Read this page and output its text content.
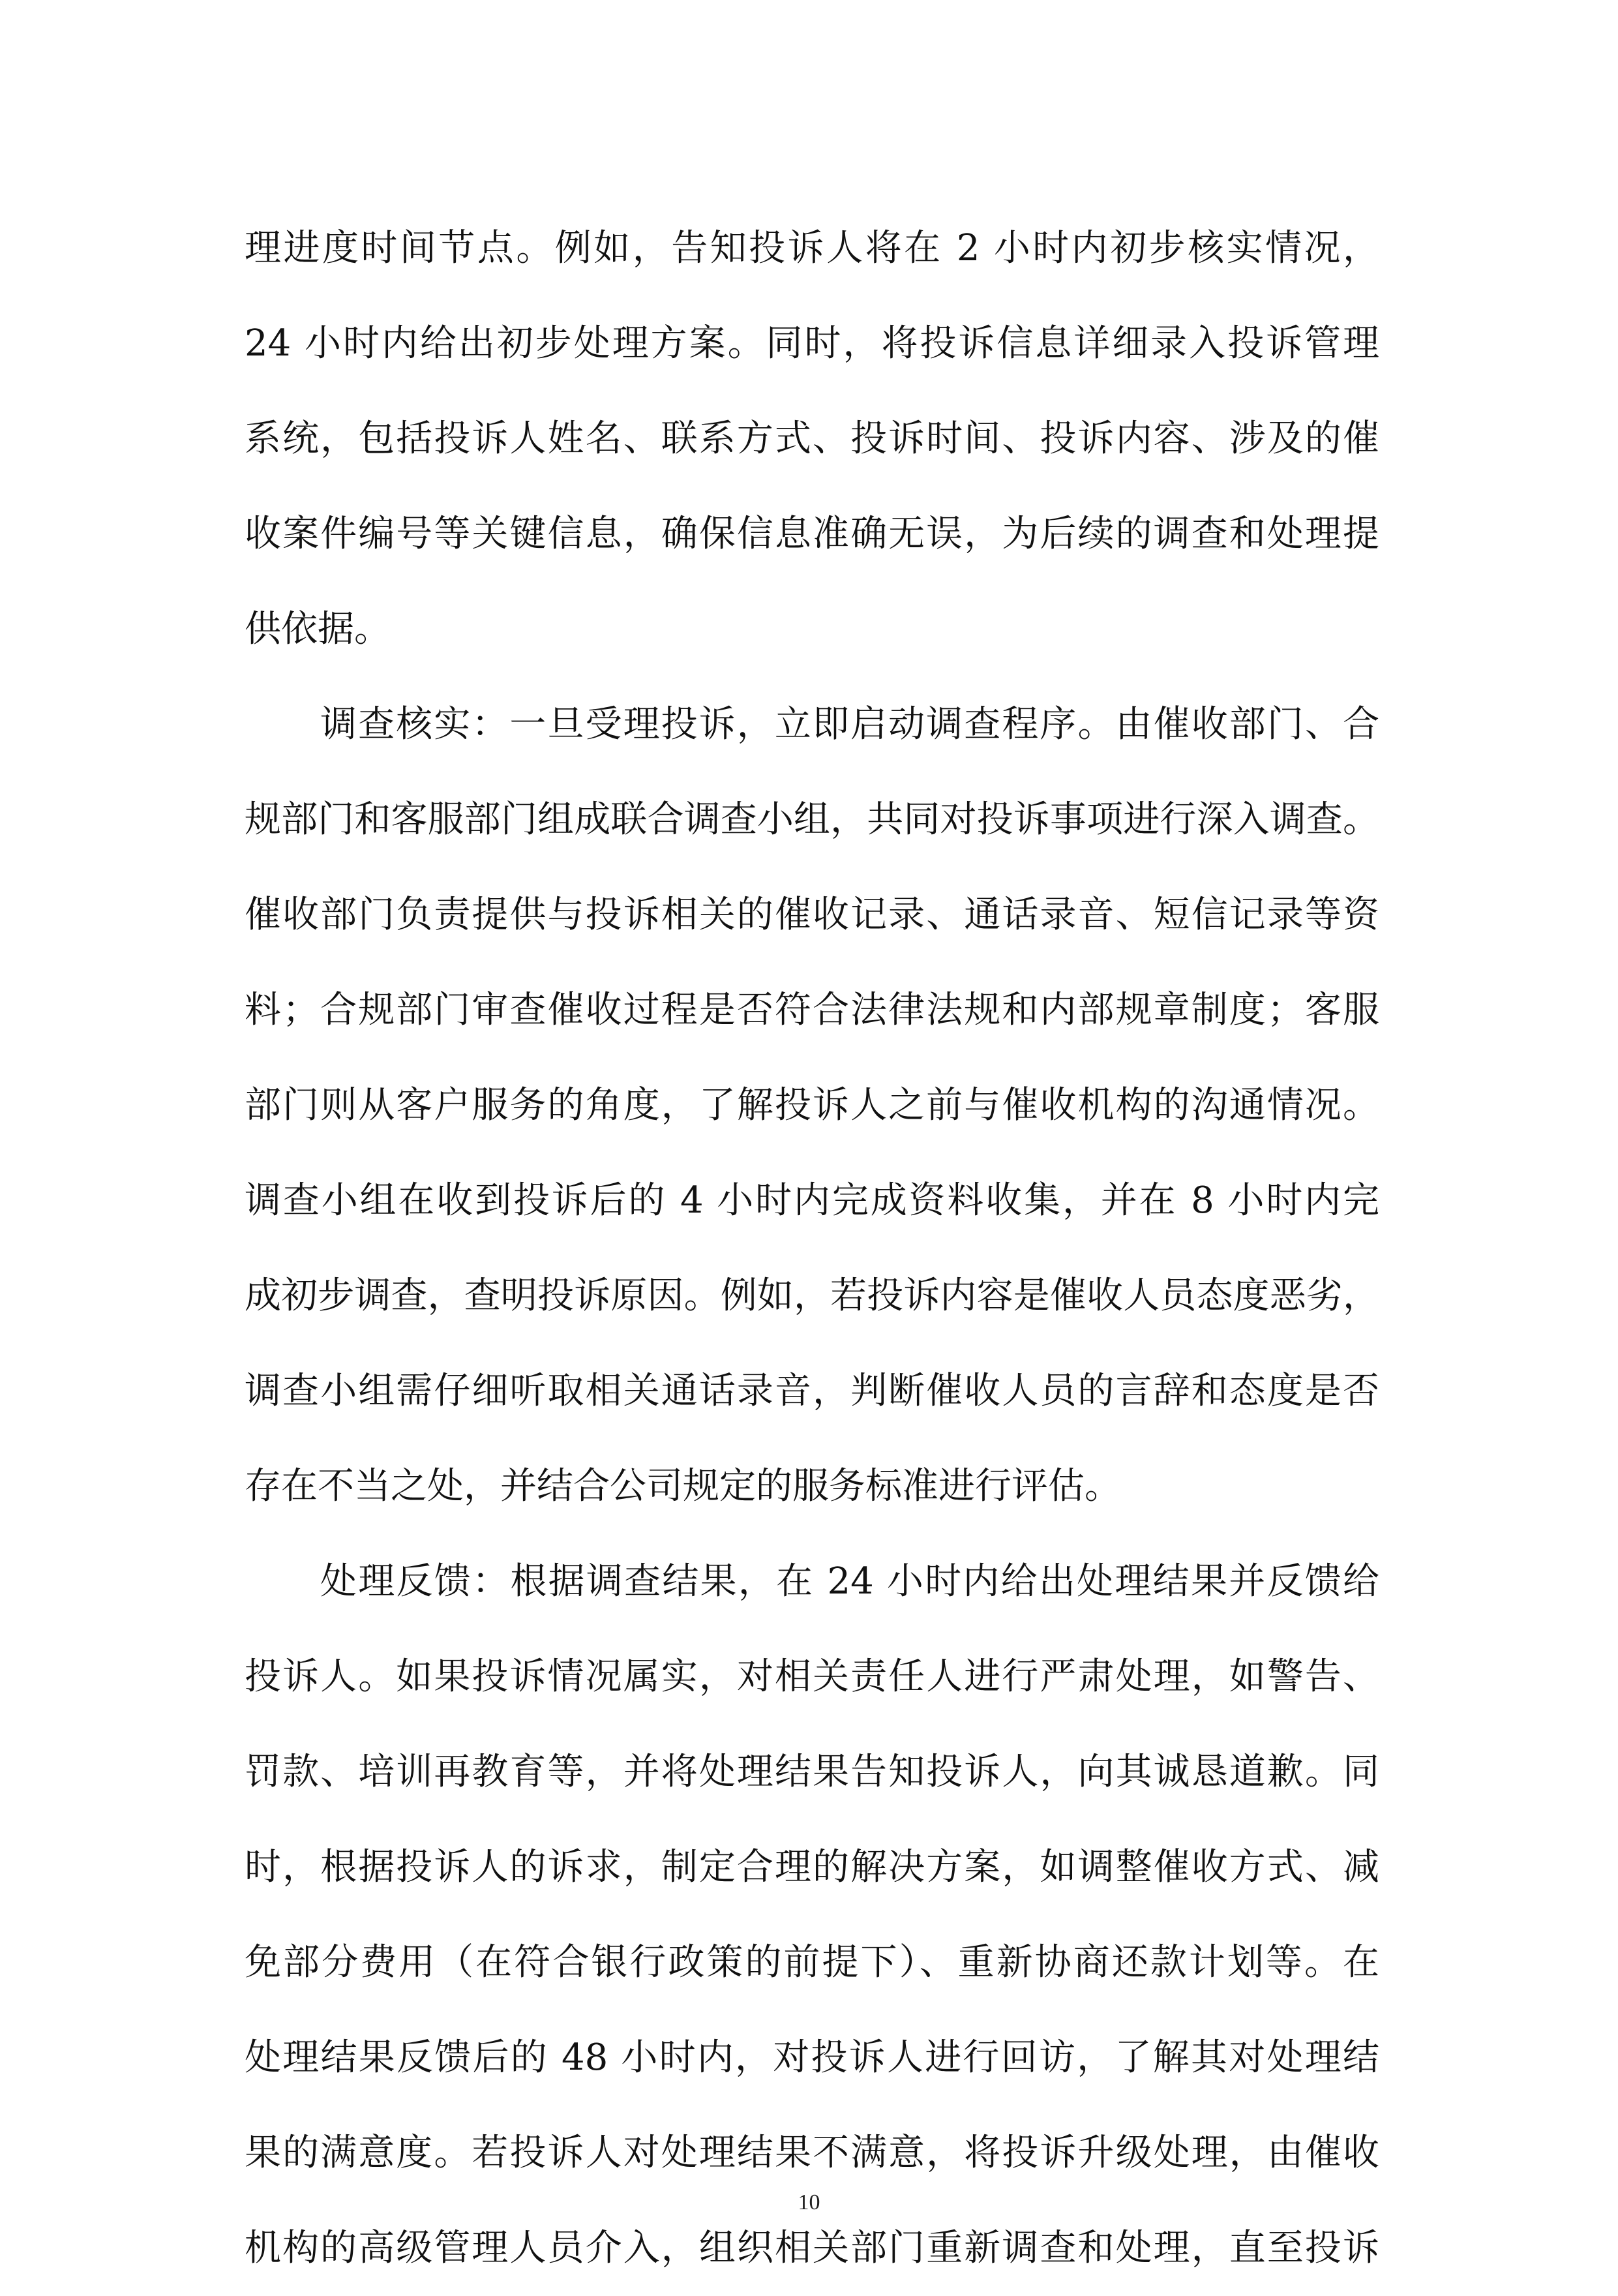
理进度时间节点。例如，告知投诉人将在 2 小时内初步核实情况，
24 小时内给出初步处理方案。同时，将投诉信息详细录入投诉管理
系统，包括投诉人姓名、联系方式、投诉时间、投诉内容、涉及的催
收案件编号等关键信息，确保信息准确无误，为后续的调查和处理提
供依据。
调查核实：一旦受理投诉，立即启动调查程序。由催收部门、合
规部门和客服部门组成联合调查小组，共同对投诉事项进行深入调查。
催收部门负责提供与投诉相关的催收记录、通话录音、短信记录等资
料；合规部门审查催收过程是否符合法律法规和内部规章制度；客服
部门则从客户服务的角度，了解投诉人之前与催收机构的沟通情况。
调查小组在收到投诉后的 4 小时内完成资料收集，并在 8 小时内完
成初步调查，查明投诉原因。例如，若投诉内容是催收人员态度恶劣，
调查小组需仔细听取相关通话录音，判断催收人员的言辞和态度是否
存在不当之处，并结合公司规定的服务标准进行评估。
处理反馈：根据调查结果，在 24 小时内给出处理结果并反馈给
投诉人。如果投诉情况属实，对相关责任人进行严肃处理，如警告、
罚款、培训再教育等，并将处理结果告知投诉人，向其诚恳道歉。同
时，根据投诉人的诉求，制定合理的解决方案，如调整催收方式、减
免部分费用（在符合银行政策的前提下）、重新协商还款计划等。在
处理结果反馈后的 48 小时内，对投诉人进行回访，了解其对处理结
果的满意度。若投诉人对处理结果不满意，将投诉升级处理，由催收
机构的高级管理人员介入，组织相关部门重新调查和处理，直至投诉
10
